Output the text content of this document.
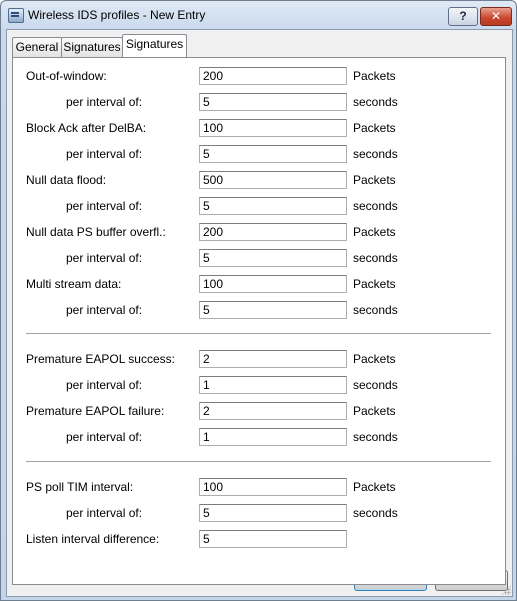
Wireless IDS profiles - New Entry	?	✕
General Signatures Signatures
Out-of-window:
200	Packets
per interval of:
5	seconds
Block Ack after DelBA:
100	Packets
per interval of:
5	seconds
Null data flood:
500	Packets
per interval of:
5	seconds
Null data PS buffer overfl.:
200	Packets
per interval of:
5	seconds
Multi stream data:
100	Packets
per interval of:
5	seconds
Premature EAPOL success:
2	Packets
per interval of:
1	seconds
Premature EAPOL failure:
2	Packets
per interval of:
1	seconds
PS poll TIM interval:
100	Packets
per interval of:
5	seconds
Listen interval difference:
5
